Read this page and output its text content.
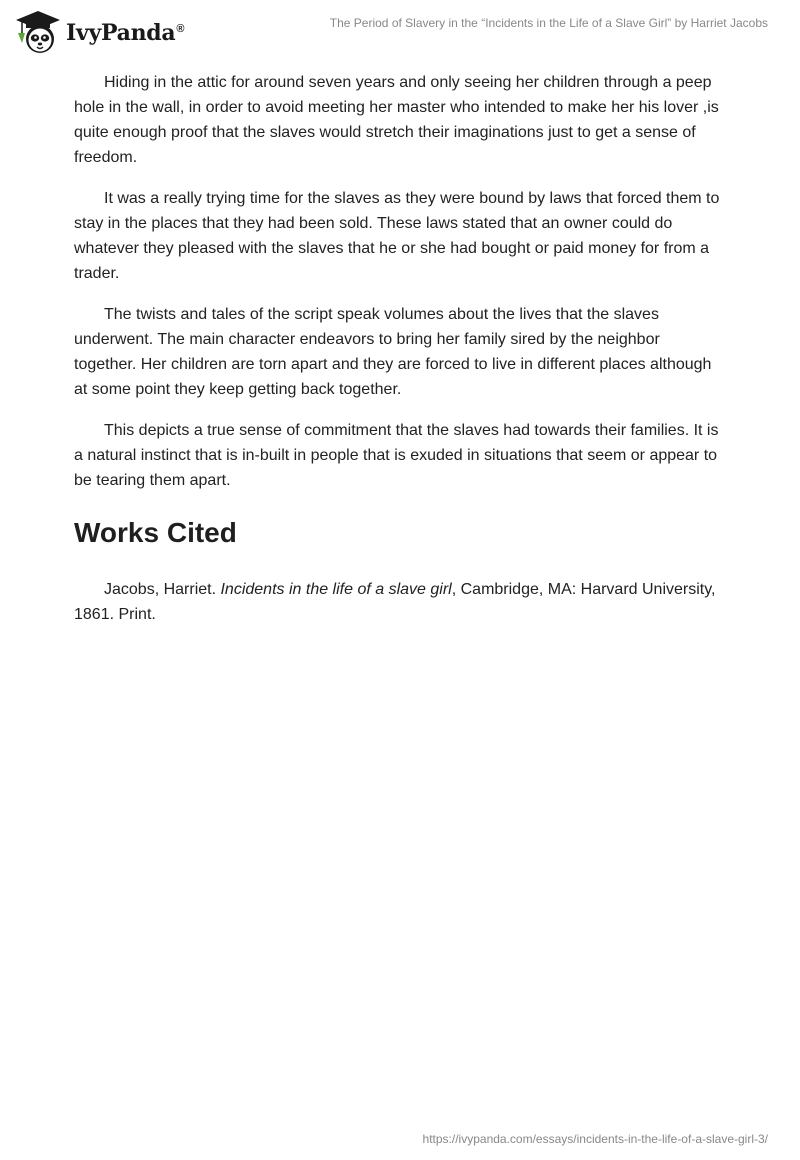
IvyPanda®	The Period of Slavery in the “Incidents in the Life of a Slave Girl” by Harriet Jacobs

Hiding in the attic for around seven years and only seeing her children through a peep hole in the wall, in order to avoid meeting her master who intended to make her his lover ,is quite enough proof that the slaves would stretch their imaginations just to get a sense of freedom.

It was a really trying time for the slaves as they were bound by laws that forced them to stay in the places that they had been sold. These laws stated that an owner could do whatever they pleased with the slaves that he or she had bought or paid money for from a trader.

The twists and tales of the script speak volumes about the lives that the slaves underwent. The main character endeavors to bring her family sired by the neighbor together. Her children are torn apart and they are forced to live in different places although at some point they keep getting back together.

This depicts a true sense of commitment that the slaves had towards their families. It is a natural instinct that is in-built in people that is exuded in situations that seem or appear to be tearing them apart.

Works Cited

Jacobs, Harriet. Incidents in the life of a slave girl, Cambridge, MA: Harvard University, 1861. Print.

https://ivypanda.com/essays/incidents-in-the-life-of-a-slave-girl-3/
